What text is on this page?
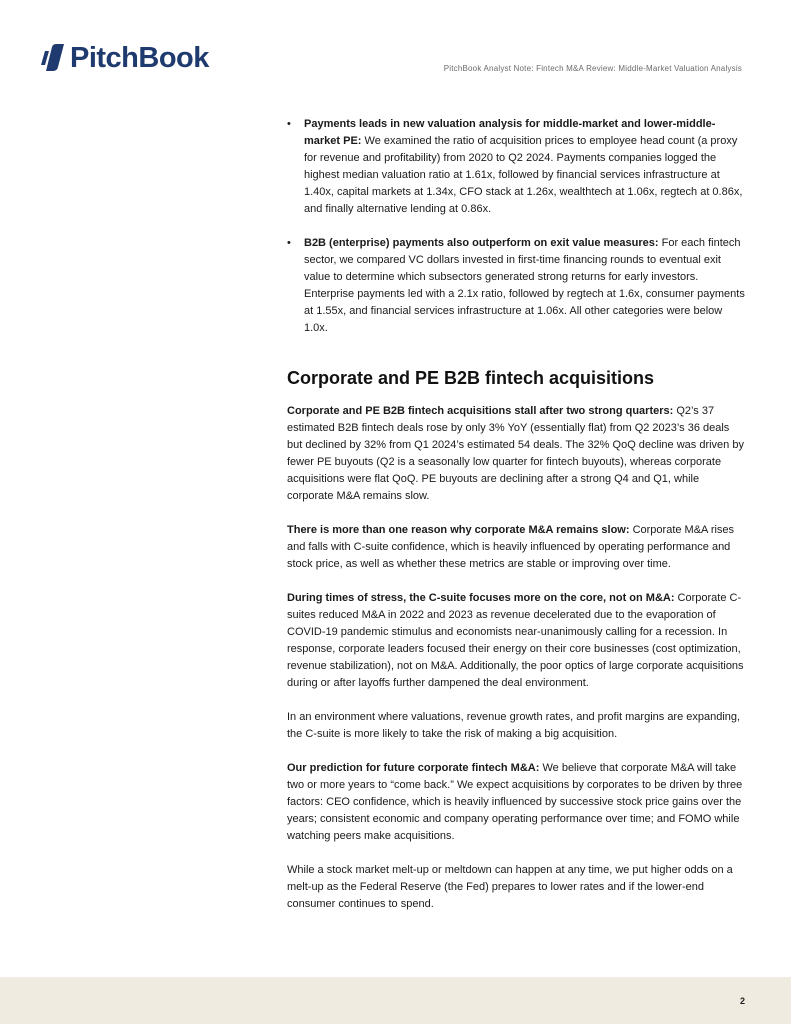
PitchBook	PitchBook Analyst Note: Fintech M&A Review: Middle-Market Valuation Analysis
• Payments leads in new valuation analysis for middle-market and lower-middle-market PE: We examined the ratio of acquisition prices to employee head count (a proxy for revenue and profitability) from 2020 to Q2 2024. Payments companies logged the highest median valuation ratio at 1.61x, followed by financial services infrastructure at 1.40x, capital markets at 1.34x, CFO stack at 1.26x, wealthtech at 1.06x, regtech at 0.86x, and finally alternative lending at 0.86x.
• B2B (enterprise) payments also outperform on exit value measures: For each fintech sector, we compared VC dollars invested in first-time financing rounds to eventual exit value to determine which subsectors generated strong returns for early investors. Enterprise payments led with a 2.1x ratio, followed by regtech at 1.6x, consumer payments at 1.55x, and financial services infrastructure at 1.06x. All other categories were below 1.0x.
Corporate and PE B2B fintech acquisitions

Corporate and PE B2B fintech acquisitions stall after two strong quarters: Q2’s 37 estimated B2B fintech deals rose by only 3% YoY (essentially flat) from Q2 2023’s 36 deals but declined by 32% from Q1 2024’s estimated 54 deals. The 32% QoQ decline was driven by fewer PE buyouts (Q2 is a seasonally low quarter for fintech buyouts), whereas corporate acquisitions were flat QoQ. PE buyouts are declining after a strong Q4 and Q1, while corporate M&A remains slow.

There is more than one reason why corporate M&A remains slow: Corporate M&A rises and falls with C-suite confidence, which is heavily influenced by operating performance and stock price, as well as whether these metrics are stable or improving over time.

During times of stress, the C-suite focuses more on the core, not on M&A: Corporate C-suites reduced M&A in 2022 and 2023 as revenue decelerated due to the evaporation of COVID-19 pandemic stimulus and economists near-unanimously calling for a recession. In response, corporate leaders focused their energy on their core businesses (cost optimization, revenue stabilization), not on M&A. Additionally, the poor optics of large corporate acquisitions during or after layoffs further dampened the deal environment.

In an environment where valuations, revenue growth rates, and profit margins are expanding, the C-suite is more likely to take the risk of making a big acquisition.

Our prediction for future corporate fintech M&A: We believe that corporate M&A will take two or more years to “come back.” We expect acquisitions by corporates to be driven by three factors: CEO confidence, which is heavily influenced by successive stock price gains over the years; consistent economic and company operating performance over time; and FOMO while watching peers make acquisitions.

While a stock market melt-up or meltdown can happen at any time, we put higher odds on a melt-up as the Federal Reserve (the Fed) prepares to lower rates and if the lower-end consumer continues to spend.

2
